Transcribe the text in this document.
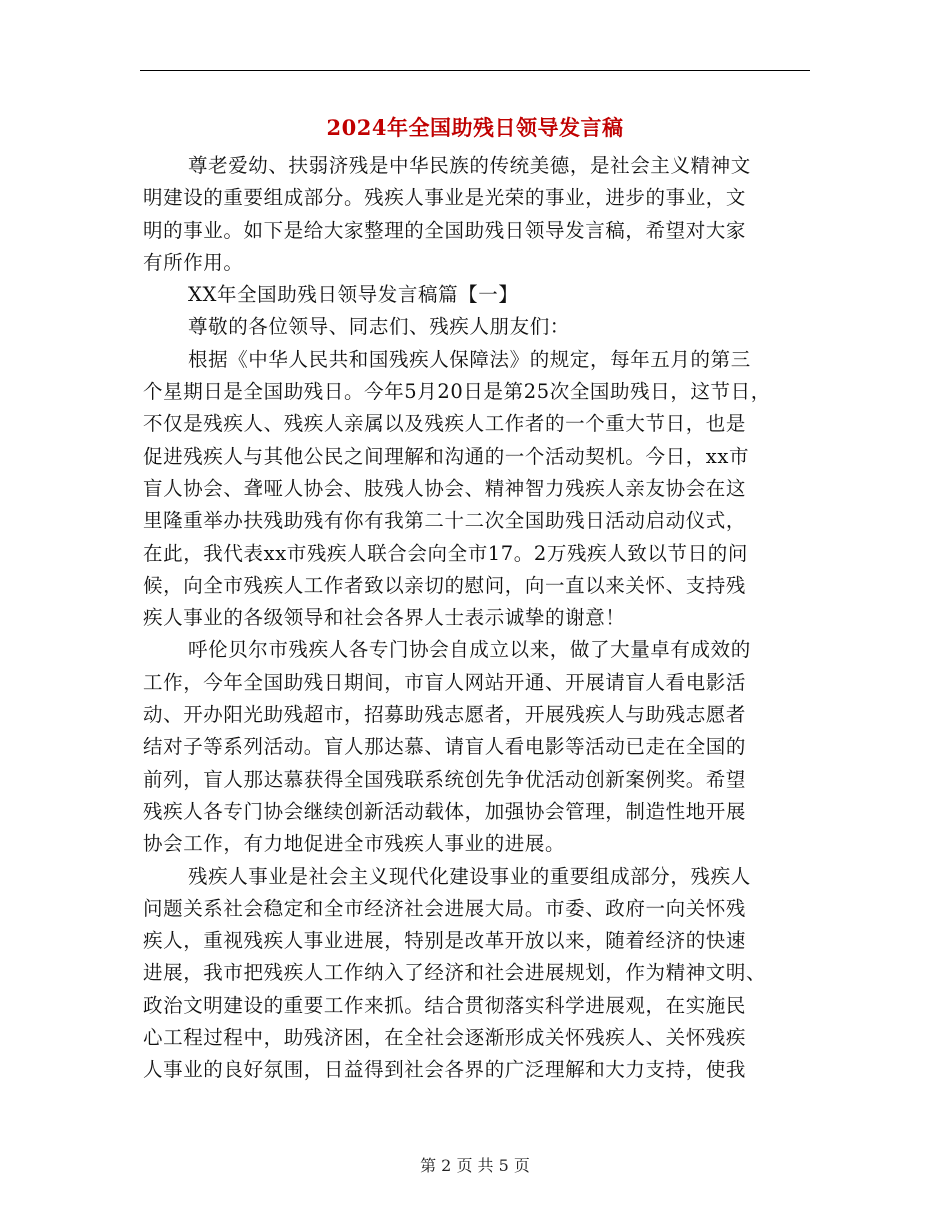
2024年全国助残日领导发言稿
尊老爱幼、扶弱济残是中华民族的传统美德，是社会主义精神文
明建设的重要组成部分。残疾人事业是光荣的事业，进步的事业，文
明的事业。如下是给大家整理的全国助残日领导发言稿，希望对大家
有所作用。
XX年全国助残日领导发言稿篇【一】
尊敬的各位领导、同志们、残疾人朋友们：
根据《中华人民共和国残疾人保障法》的规定，每年五月的第三
个星期日是全国助残日。今年5月20日是第25次全国助残日，这节日，
不仅是残疾人、残疾人亲属以及残疾人工作者的一个重大节日，也是
促进残疾人与其他公民之间理解和沟通的一个活动契机。今日，xx市
盲人协会、聋哑人协会、肢残人协会、精神智力残疾人亲友协会在这
里隆重举办扶残助残有你有我第二十二次全国助残日活动启动仪式，
在此，我代表xx市残疾人联合会向全市17。2万残疾人致以节日的问
候，向全市残疾人工作者致以亲切的慰问，向一直以来关怀、支持残
疾人事业的各级领导和社会各界人士表示诚挚的谢意！
呼伦贝尔市残疾人各专门协会自成立以来，做了大量卓有成效的
工作，今年全国助残日期间，市盲人网站开通、开展请盲人看电影活
动、开办阳光助残超市，招募助残志愿者，开展残疾人与助残志愿者
结对子等系列活动。盲人那达慕、请盲人看电影等活动已走在全国的
前列，盲人那达慕获得全国残联系统创先争优活动创新案例奖。希望
残疾人各专门协会继续创新活动载体，加强协会管理，制造性地开展
协会工作，有力地促进全市残疾人事业的进展。
残疾人事业是社会主义现代化建设事业的重要组成部分，残疾人
问题关系社会稳定和全市经济社会进展大局。市委、政府一向关怀残
疾人，重视残疾人事业进展，特别是改革开放以来，随着经济的快速
进展，我市把残疾人工作纳入了经济和社会进展规划，作为精神文明、
政治文明建设的重要工作来抓。结合贯彻落实科学进展观，在实施民
心工程过程中，助残济困，在全社会逐渐形成关怀残疾人、关怀残疾
人事业的良好氛围，日益得到社会各界的广泛理解和大力支持，使我
第 2 页 共 5 页
